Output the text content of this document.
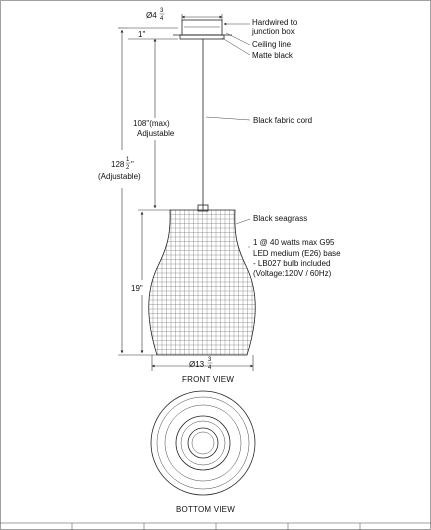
Ø4 3
4
1"
128 1
2 "
(Adjustable)
108"(max)
Adjustable
19"
Ø13 3
4
Hardwired to
junction box
Ceiling line
Matte black
Black fabric cord
Black seagrass
1 @ 40 watts max G95
LED medium (E26) base
- LB027 bulb included
(Voltage:120V / 60Hz)
FRONT VIEW
BOTTOM VIEW
